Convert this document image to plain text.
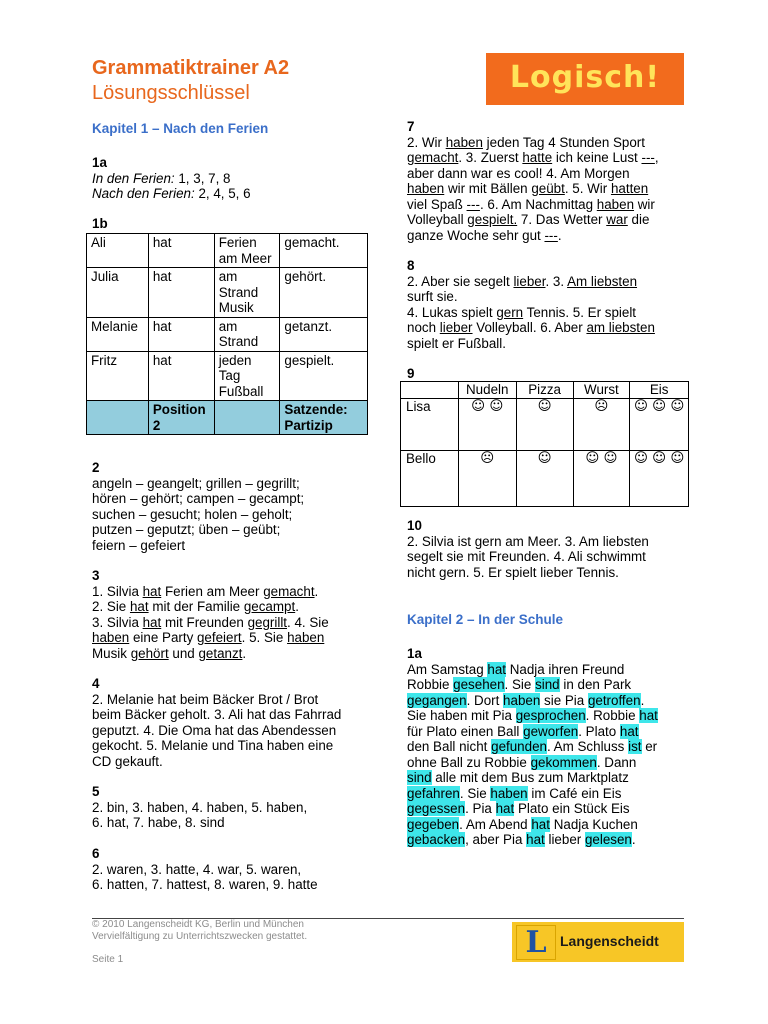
Grammatiktrainer A2
Lösungsschlüssel	Logisch!
Kapitel 1 – Nach den Ferien
1a
In den Ferien: 1, 3, 7, 8
Nach den Ferien: 2, 4, 5, 6
1b
Ali	hat	Ferien am Meer	gemacht.
Julia	hat	am Strand Musik	gehört.
Melanie	hat	am Strand	getanzt.
Fritz	hat	jeden Tag Fußball	gespielt.
	Position 2		Satzende: Partizip
2
angeln – geangelt; grillen – gegrillt;
hören – gehört; campen – gecampt;
suchen – gesucht; holen – geholt;
putzen – geputzt; üben – geübt;
feiern – gefeiert
3
1. Silvia hat Ferien am Meer gemacht.
2. Sie hat mit der Familie gecampt.
3. Silvia hat mit Freunden gegrillt. 4. Sie
haben eine Party gefeiert. 5. Sie haben
Musik gehört und getanzt.
4
2. Melanie hat beim Bäcker Brot / Brot
beim Bäcker geholt. 3. Ali hat das Fahrrad
geputzt. 4. Die Oma hat das Abendessen
gekocht. 5. Melanie und Tina haben eine
CD gekauft.
5
2. bin, 3. haben, 4. haben, 5. haben,
6. hat, 7. habe, 8. sind
6
2. waren, 3. hatte, 4. war, 5. waren,
6. hatten, 7. hattest, 8. waren, 9. hatte
7
2. Wir haben jeden Tag 4 Stunden Sport
gemacht. 3. Zuerst hatte ich keine Lust ---,
aber dann war es cool! 4. Am Morgen
haben wir mit Bällen geübt. 5. Wir hatten
viel Spaß ---. 6. Am Nachmittag haben wir
Volleyball gespielt. 7. Das Wetter war die
ganze Woche sehr gut ---.
8
2. Aber sie segelt lieber. 3. Am liebsten
surft sie.
4. Lukas spielt gern Tennis. 5. Er spielt
noch lieber Volleyball. 6. Aber am liebsten
spielt er Fußball.
9
	Nudeln	Pizza	Wurst	Eis
Lisa	☺ ☺	☺	☹	☺ ☺ ☺
Bello	☹	☺	☺ ☺	☺ ☺ ☺
10
2. Silvia ist gern am Meer. 3. Am liebsten
segelt sie mit Freunden. 4. Ali schwimmt
nicht gern. 5. Er spielt lieber Tennis.
Kapitel 2 – In der Schule
1a
Am Samstag hat Nadja ihren Freund
Robbie gesehen. Sie sind in den Park
gegangen. Dort haben sie Pia getroffen.
Sie haben mit Pia gesprochen. Robbie hat
für Plato einen Ball geworfen. Plato hat
den Ball nicht gefunden. Am Schluss ist er
ohne Ball zu Robbie gekommen. Dann
sind alle mit dem Bus zum Marktplatz
gefahren. Sie haben im Café ein Eis
gegessen. Pia hat Plato ein Stück Eis
gegeben. Am Abend hat Nadja Kuchen
gebacken, aber Pia hat lieber gelesen.
© 2010 Langenscheidt KG, Berlin und München
Vervielfältigung zu Unterrichtszwecken gestattet.
Seite 1	L Langenscheidt
